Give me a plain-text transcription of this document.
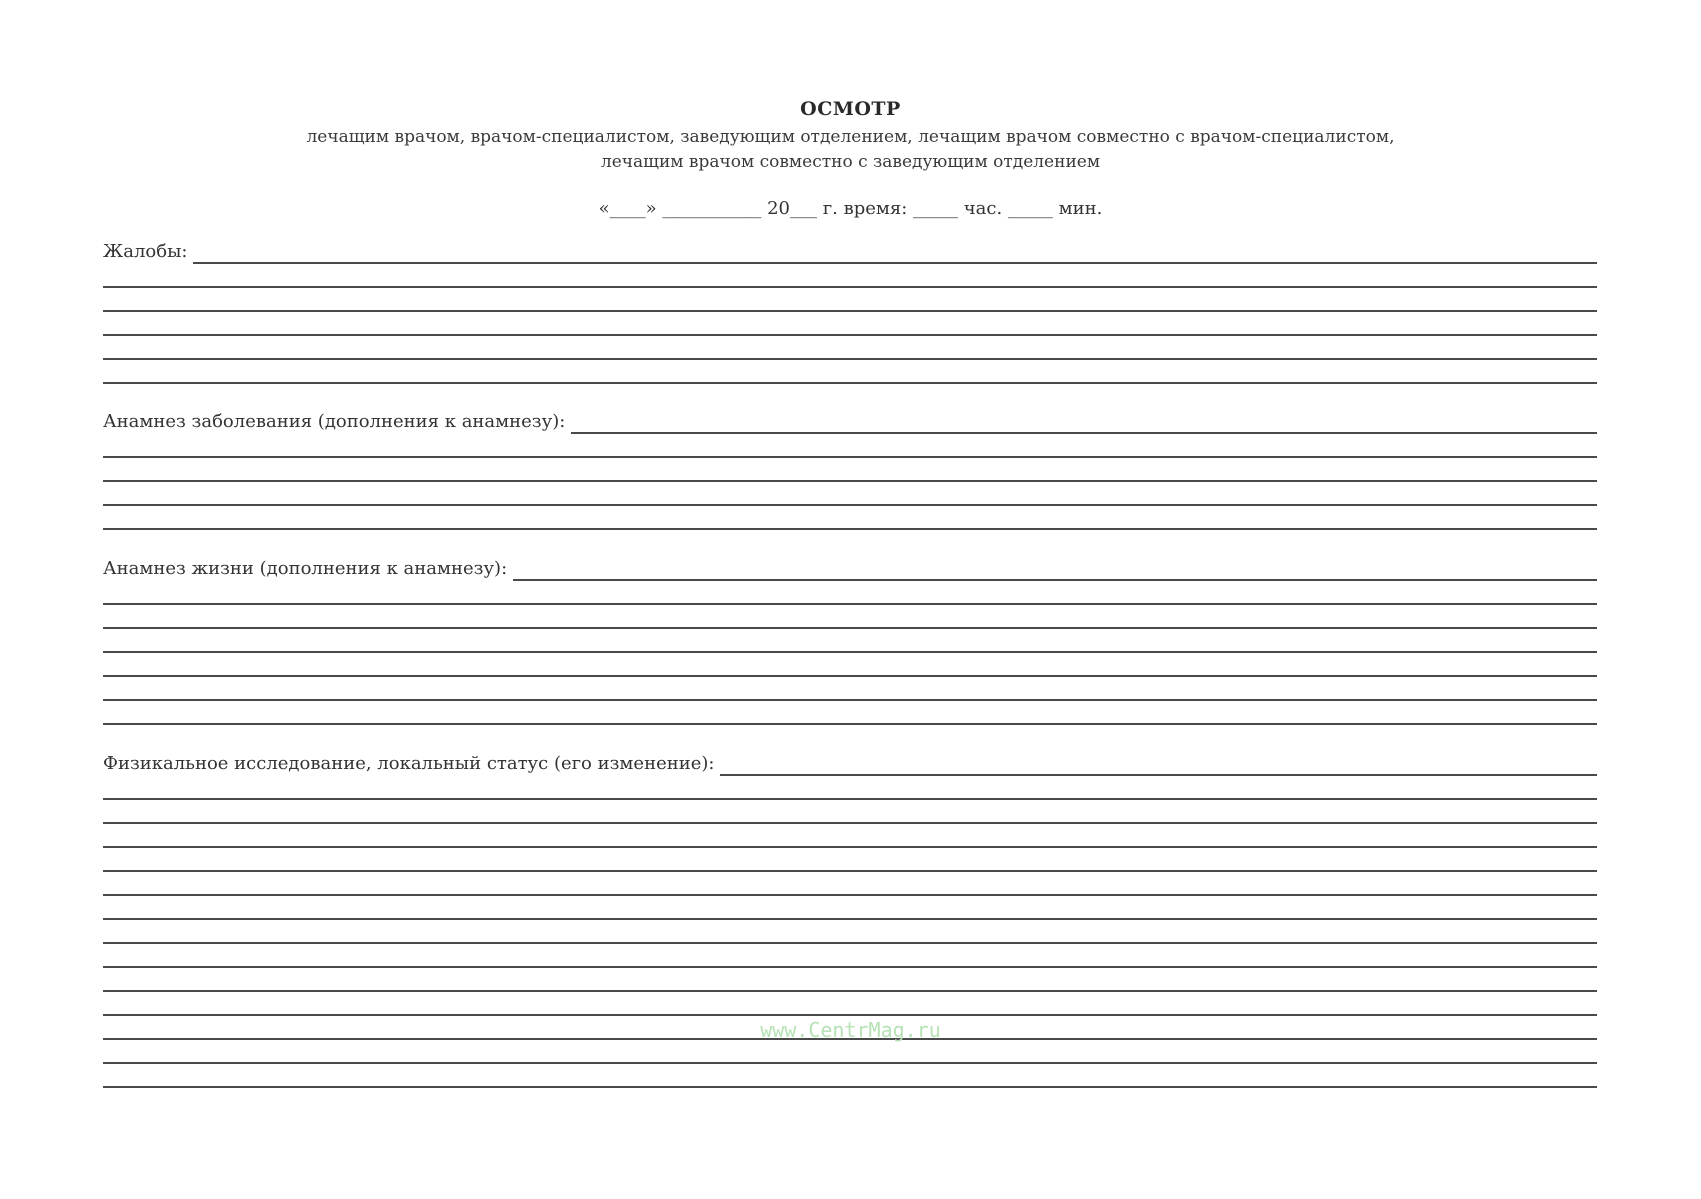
ОСМОТР
лечащим врачом, врачом-специалистом, заведующим отделением, лечащим врачом совместно с врачом-специалистом,
лечащим врачом совместно с заведующим отделением
«____» ___________ 20___ г. время: _____ час. _____ мин.
Жалобы:
Анамнез заболевания (дополнения к анамнезу):
Анамнез жизни (дополнения к анамнезу):
Физикальное исследование, локальный статус (его изменение):
www.CentrMag.ru
